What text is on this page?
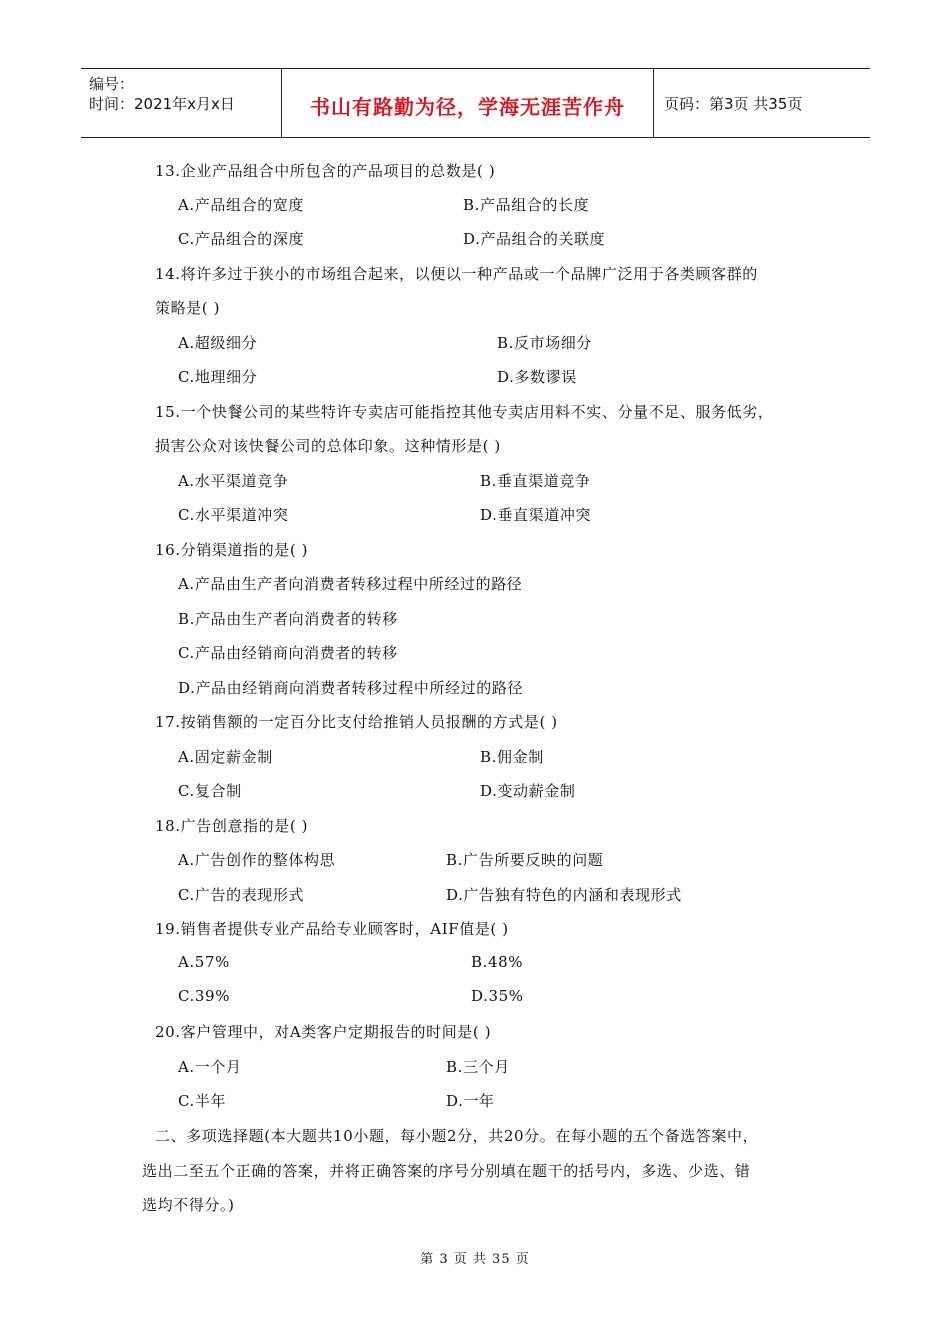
编号：
时间：2021年x月x日	书山有路勤为径，学海无涯苦作舟	页码：第3页 共35页
13.企业产品组合中所包含的产品项目的总数是( )
A.产品组合的宽度	B.产品组合的长度
C.产品组合的深度	D.产品组合的关联度
14.将许多过于狭小的市场组合起来，以便以一种产品或一个品牌广泛用于各类顾客群的
策略是( )
A.超级细分	B.反市场细分
C.地理细分	D.多数谬误
15.一个快餐公司的某些特许专卖店可能指控其他专卖店用料不实、分量不足、服务低劣，
损害公众对该快餐公司的总体印象。这种情形是( )
A.水平渠道竞争	B.垂直渠道竞争
C.水平渠道冲突	D.垂直渠道冲突
16.分销渠道指的是( )
A.产品由生产者向消费者转移过程中所经过的路径
B.产品由生产者向消费者的转移
C.产品由经销商向消费者的转移
D.产品由经销商向消费者转移过程中所经过的路径
17.按销售额的一定百分比支付给推销人员报酬的方式是( )
A.固定薪金制	B.佣金制
C.复合制	D.变动薪金制
18.广告创意指的是( )
A.广告创作的整体构思	B.广告所要反映的问题
C.广告的表现形式	D.广告独有特色的内涵和表现形式
19.销售者提供专业产品给专业顾客时，AIF值是( )
A.57%	B.48%
C.39%	D.35%
20.客户管理中，对A类客户定期报告的时间是( )
A.一个月	B.三个月
C.半年	D.一年
二、多项选择题(本大题共10小题，每小题2分，共20分。在每小题的五个备选答案中，
选出二至五个正确的答案，并将正确答案的序号分别填在题干的括号内，多选、少选、错
选均不得分。)
第 3 页 共 35 页
